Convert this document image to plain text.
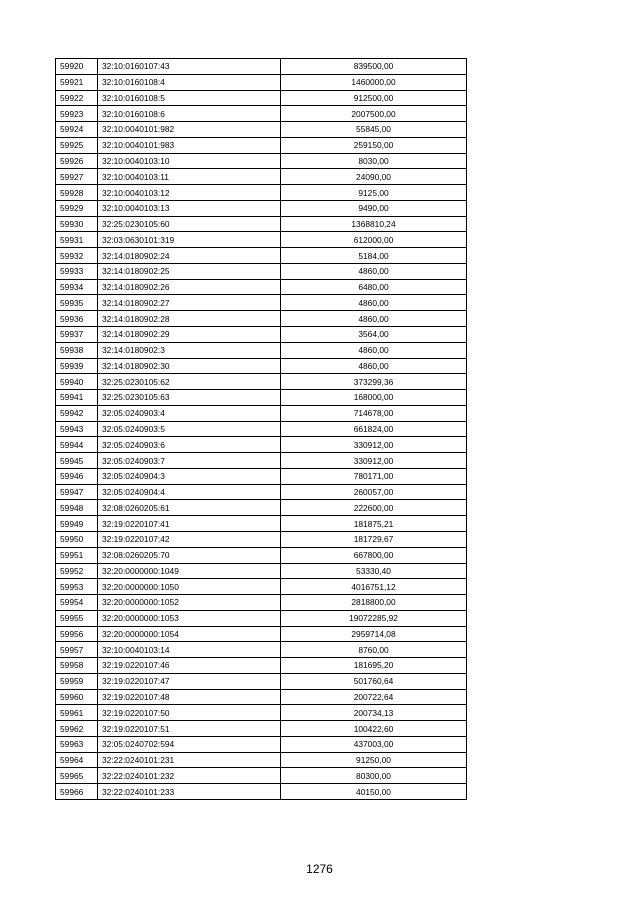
59920	32:10:0160107:43	839500,00
59921	32:10:0160108:4	1460000,00
59922	32:10:0160108:5	912500,00
59923	32:10:0160108:6	2007500,00
59924	32:10:0040101:982	55845,00
59925	32:10:0040101:983	259150,00
59926	32:10:0040103:10	8030,00
59927	32:10:0040103:11	24090,00
59928	32:10:0040103:12	9125,00
59929	32:10:0040103:13	9490,00
59930	32:25:0230105:60	1368810,24
59931	32:03:0630101:319	612000,00
59932	32:14:0180902:24	5184,00
59933	32:14:0180902:25	4860,00
59934	32:14:0180902:26	6480,00
59935	32:14:0180902:27	4860,00
59936	32:14:0180902:28	4860,00
59937	32:14:0180902:29	3564,00
59938	32:14:0180902:3	4860,00
59939	32:14:0180902:30	4860,00
59940	32:25:0230105:62	373299,36
59941	32:25:0230105:63	168000,00
59942	32:05:0240903:4	714678,00
59943	32:05:0240903:5	661824,00
59944	32:05:0240903:6	330912,00
59945	32:05:0240903:7	330912,00
59946	32:05:0240904:3	780171,00
59947	32:05:0240904:4	260057,00
59948	32:08:0260205:61	222600,00
59949	32:19:0220107:41	181875,21
59950	32:19:0220107:42	181729,67
59951	32:08:0260205:70	667800,00
59952	32:20:0000000:1049	53330,40
59953	32:20:0000000:1050	4016751,12
59954	32:20:0000000:1052	2818800,00
59955	32:20:0000000:1053	19072285,92
59956	32:20:0000000:1054	2959714,08
59957	32:10:0040103:14	8760,00
59958	32:19:0220107:46	181695,20
59959	32:19:0220107:47	501760,64
59960	32:19:0220107:48	200722,64
59961	32:19:0220107:50	200734,13
59962	32:19:0220107:51	100422,60
59963	32:05:0240702:594	437003,00
59964	32:22:0240101:231	91250,00
59965	32:22:0240101:232	80300,00
59966	32:22:0240101:233	40150,00
1276
